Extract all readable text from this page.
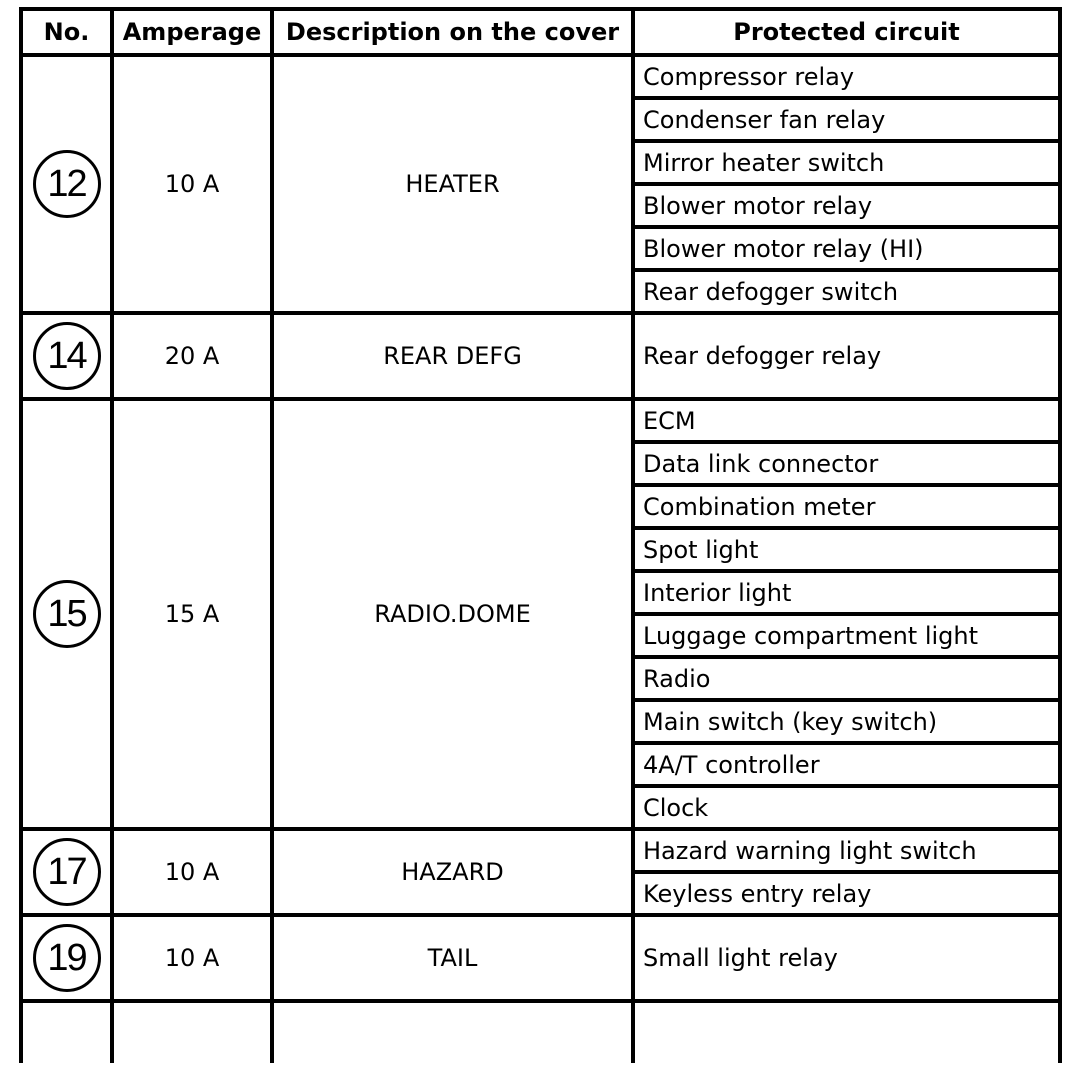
No.	Amperage	Description on the cover	Protected circuit
12	10 A	HEATER	Compressor relay
			Condenser fan relay
			Mirror heater switch
			Blower motor relay
			Blower motor relay (HI)
			Rear defogger switch
14	20 A	REAR DEFG	Rear defogger relay
15	15 A	RADIO.DOME	ECM
			Data link connector
			Combination meter
			Spot light
			Interior light
			Luggage compartment light
			Radio
			Main switch (key switch)
			4A/T controller
			Clock
17	10 A	HAZARD	Hazard warning light switch
			Keyless entry relay
19	10 A	TAIL	Small light relay
